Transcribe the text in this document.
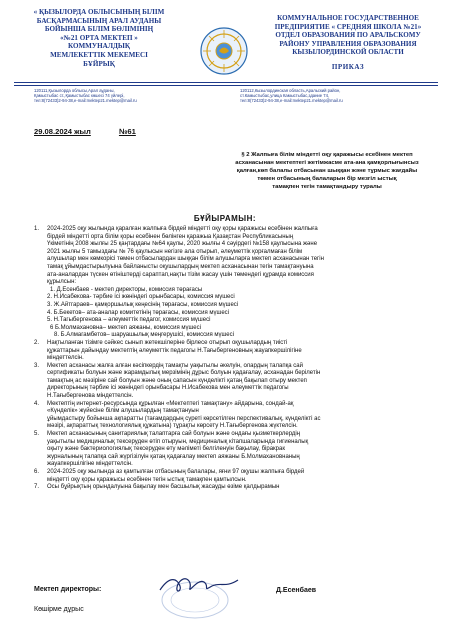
« ҚЫЗЫЛОРДА ОБЛЫСЫНЫҢ БІЛІМ
БАСҚАРМАСЫНЫҢ АРАЛ АУДАНЫ
БОЙЫНША БІЛІМ БӨЛІМІНІҢ
«№21 ОРТА МЕКТЕП »
КОММУНАЛДЫҚ
МЕМЛЕКЕТТІК МЕКЕМЕСІ
БҰЙРЫҚ
КОММУНАЛЬНОЕ ГОСУДАРСТВЕННОЕ
ПРЕДПРИЯТИЕ « СРЕДНЯЯ ШКОЛА №21»
ОТДЕЛ ОБРАЗОВАНИЯ ПО АРАЛЬСКОМУ
РАЙОНУ УПРАВЛЕНИЯ ОБРАЗОВАНИЯ
КЫЗЫЛОРДИНСКОЙ ОБЛАСТИ
ПРИКАЗ
120111,Қызылорда облысы,Арал ауданы,
Қамыстыбас ст.,Қамыстыбас көшесі 74 үйлері,
тел:8(72433)2-94-38,e-mail:mektep21.mektep@mail.ru
120112,Кызылординская область,Аральский район,
ст.Камыстыбас,улица Камыстыбас,здание 74,
тел:8(72433)2-94-38,e-mail:mektep21.mektep@mail.ru
29.08.2024 жыл	№61
§ 2 Жалпыға білім міндетті оқу қаражысы есебінен мектеп
асханасынан мектептегі жетімжасме ата-ана қамқорлығынсыз
қалған,көп балалы отбасынан шыққан және тұрмыс жағдайы
төмен отбасының балаларын бір мезгіл ыстық
тамақпен тегін тамақтандыру туралы
БҰЙЫРАМЫН:
1. 2024-2025 оқу жылында қаралған жалпыға бірдей міндетті оқу қоры қаражысы есебінен жалпыға
бірдей міндетті орта білім қоры есебінен бөлінген қаражыа Қазақстан Республикасының
Үкіметінің 2008 жылғы 25 қаңтардағы №64 қаулы, 2020 жылғы 4 сәуірдегі №158 қаулысына және
2021 жылғы 5 тамыздағы № 76 қаулысын негізге ала отырып, әлеуметтік қорғалмаған білім
алушылар мен көмкорісі төмен отбасылардан шыққан білім алушыларға мектеп асханасынан тегін
тамақ ұйымдастырылуына байланысты оқушылардың мектеп асханасынан тегін тамақтануына
ата-аналардан түскен өтініштерді сараптап,нақты тізім жасау үшін төмендегі құрамда комиссия
құрылсын:
1. Д.Есенбаев - мектеп директоры, комиссия төрағасы
2. Н.Исабекова- тәрбие ісі жөніндегі орынбасары, комиссия мүшесі
3. Ж.Айтгараев– қамқоршылық кеңесінің төрағасы, комиссия мүшесі
4. Б.Бекетов– ата-аналар комитетінің төрағасы, комиссия мүшесі
5. Н.Тагыбергенова – әлеуметтік педагог, комиссия мүшесі
6 Б.Молмахановна– мектеп аяжаны, комиссия мүшесі
8. Б.Алмагамбетов– шаруашылық меңгерушісі, комиссия мүшесі
2. Нақтыланған тізімге сәйкес сынып жетекшілеріне бірлесе отырып оқушылардың тиісті
құжаттарын дайындау мектептің әлеуметтік педагогы Н.Тағыбергеновның жауапкершілігіне
міндеттелсін.
3. Мектеп асханасы жалға алған кәсіпкердің тамақты уақытылы әкелуін, олардың талапқа сай
сертификаты болуын және жарамдылық мерзімінің дұрыс болуын қадағалау, асханадан берілетін
тамақтың ас мәзіріне сай болуын және оның сапасын күнделікті қатаң бақылап отыру мектеп
директорының тәрбие ісі жөніндегі орынбасары Н.Исабекова мен әлеуметтік педагогы
Н.Тағыбергенова міндеттелсін.
4. Мектептің интернет-ресурсында құрылған «Мектептегі тамақтану» айдарына, сондай-ақ
«Күнделік» жүйесіне білім алушылардың тамақтануын
ұйымдастыру бойынша ақпаратты (тағамдардың суреті көрсетілген перспективалық, күнделікті ас
мәзірі, ақпараттық технологиялық құжатына) тұрақты көрсету Н.Тағыбергенова жүктелсін.
5. Мектеп асханасының санитариялық талаптарға сай болуын және ондағы қызметкерлердің
уақытылы медициналық тексеруден өтіп отыруын, медициналық кітапшаларында гигиеналық
оқыту және бактериологиялық тексеруден өту мәліметі белгіленуін бақылау, біракрак
журналының талапқа сай жүргізілуін қатаң қадағалау мектеп аяжаны Б.Молмахановнаның
жауапкершілігіне міндеттелсін.
6. 2024-2025 оқу жылында аз қамтылған отбасының балалары, яғни 97 оқушы жалпыға бірдей
міндетті оқу қоры қаражысы есебінен тегін ыстық тамақпен қамтылсын.
7. Осы бұйрықтың орындалуына бақылау мен басшылық жасауды өзіме қалдырамын
Мектеп директоры:	Д.Есенбаев
Көшірме дұрыс
